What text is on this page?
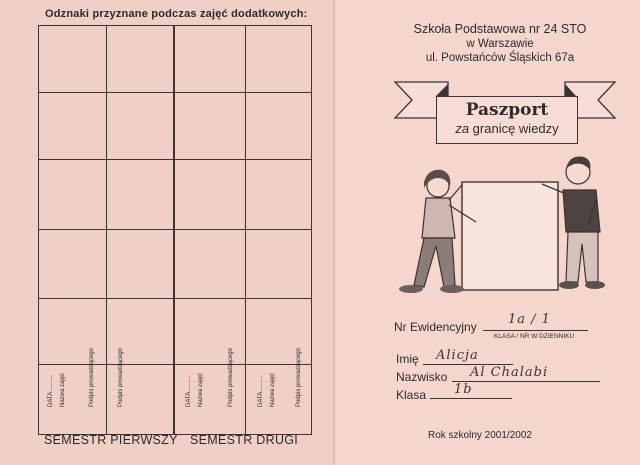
Odznaki przyznane podczas zajęć dodatkowych:
DATA.......... Nazwa zajęć	Podpis prowadzącego	Podpis prowadzącego	DATA.......... Nazwa zajęć	Podpis prowadzącego	DATA.......... Nazwa zajęć	Podpis prowadzącego
SEMESTR PIERWSZY SEMESTR DRUGI
Szkoła Podstawowa nr 24 STO
w Warszawie
ul. Powstańców Śląskich 67a
Paszport
za granicę wiedzy
Nr Ewidencyjny 1a / 1
KLASA / NR W DZIENNIKU
Imię Alicja
Nazwisko Al Chalabi
Klasa 1b
Rok szkolny 2001/2002
